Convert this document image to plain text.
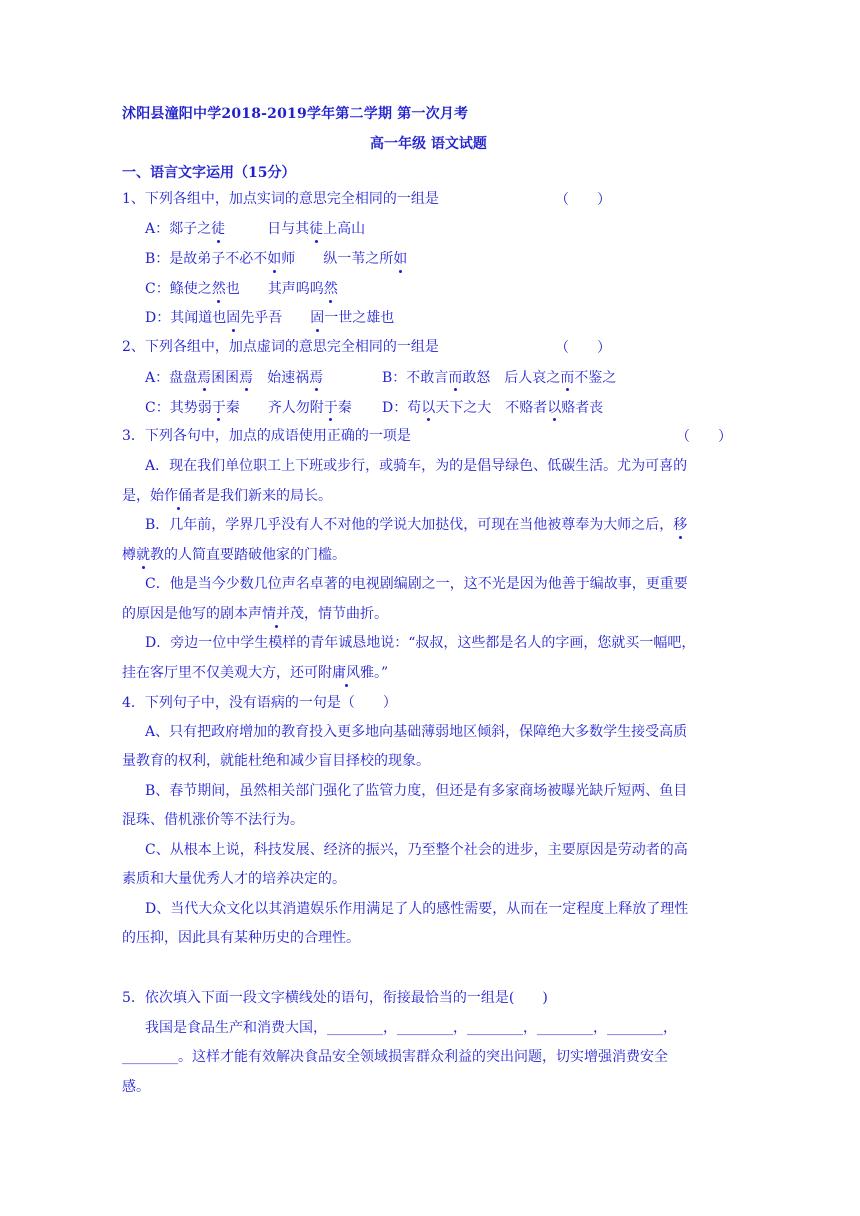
沭阳县潼阳中学2018-2019学年第二学期 第一次月考
高一年级 语文试题
一、语言文字运用（15分）
1、下列各组中，加点实词的意思完全相同的一组是	（　　）
A：郯子之徒　　　日与其徒上高山
B：是故弟子不必不如师　　纵一苇之所如
C：鲦使之然也　　其声呜呜然
D：其闻道也固先乎吾　　固一世之雄也
2、下列各组中，加点虚词的意思完全相同的一组是	（　　）
A：盘盘焉囷囷焉　始速祸焉	B：不敢言而敢怒　后人哀之而不鉴之
C：其势弱于秦　　齐人勿附于秦 D：苟以天下之大　不赂者以赂者丧
3．下列各句中，加点的成语使用正确的一项是	（　　）
A．现在我们单位职工上下班或步行，或骑车，为的是倡导绿色、低碳生活。尤为可喜的
是，始作俑者是我们新来的局长。
B．几年前，学界几乎没有人不对他的学说大加挞伐，可现在当他被尊奉为大师之后，移
樽就教的人简直要踏破他家的门槛。
C．他是当今少数几位声名卓著的电视剧编剧之一，这不光是因为他善于编故事，更重要
的原因是他写的剧本声情并茂，情节曲折。
D．旁边一位中学生模样的青年诚恳地说：“叔叔，这些都是名人的字画，您就买一幅吧，
挂在客厅里不仅美观大方，还可附庸风雅。”
4．下列句子中，没有语病的一句是（　　）
A、只有把政府增加的教育投入更多地向基础薄弱地区倾斜，保障绝大多数学生接受高质
量教育的权利，就能杜绝和减少盲目择校的现象。
B、春节期间，虽然相关部门强化了监管力度，但还是有多家商场被曝光缺斤短两、鱼目
混珠、借机涨价等不法行为。
C、从根本上说，科技发展、经济的振兴，乃至整个社会的进步，主要原因是劳动者的高
素质和大量优秀人才的培养决定的。
D、当代大众文化以其消遣娱乐作用满足了人的感性需要，从而在一定程度上释放了理性
的压抑，因此具有某种历史的合理性。
5．依次填入下面一段文字横线处的语句，衔接最恰当的一组是(　　)
我国是食品生产和消费大国，________，________，________，________，________，
________。这样才能有效解决食品安全领域损害群众利益的突出问题，切实增强消费安全
感。
